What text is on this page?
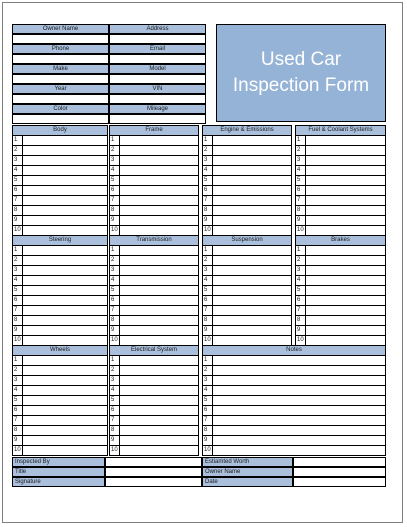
Owner Name	Address
Phone	Email
Make	Model
Year	VIN
Color	Mileage
Used Car Inspection Form
Body
1
2
3
4
5
6
7
8
9
10
Frame
1
2
3
4
5
6
7
8
9
10
Engine & Emissions
1
2
3
4
5
6
7
8
9
10
Fuel & Coolant Systems
1
2
3
4
5
6
7
8
9
10
Steering
1
2
3
4
5
6
7
8
9
10
Transmission
1
2
3
4
5
6
7
8
9
10
Suspension
1
2
3
4
5
6
7
8
9
10
Brakes
1
2
3
4
5
6
7
8
9
10
Wheels
1
2
3
4
5
6
7
8
9
10
Electrical System
1
2
3
4
5
6
7
8
9
10
Notes
1
2
3
4
5
6
7
8
9
10
Inspected By	Estiamted Worth
Title	Owner Name
Signature	Date
